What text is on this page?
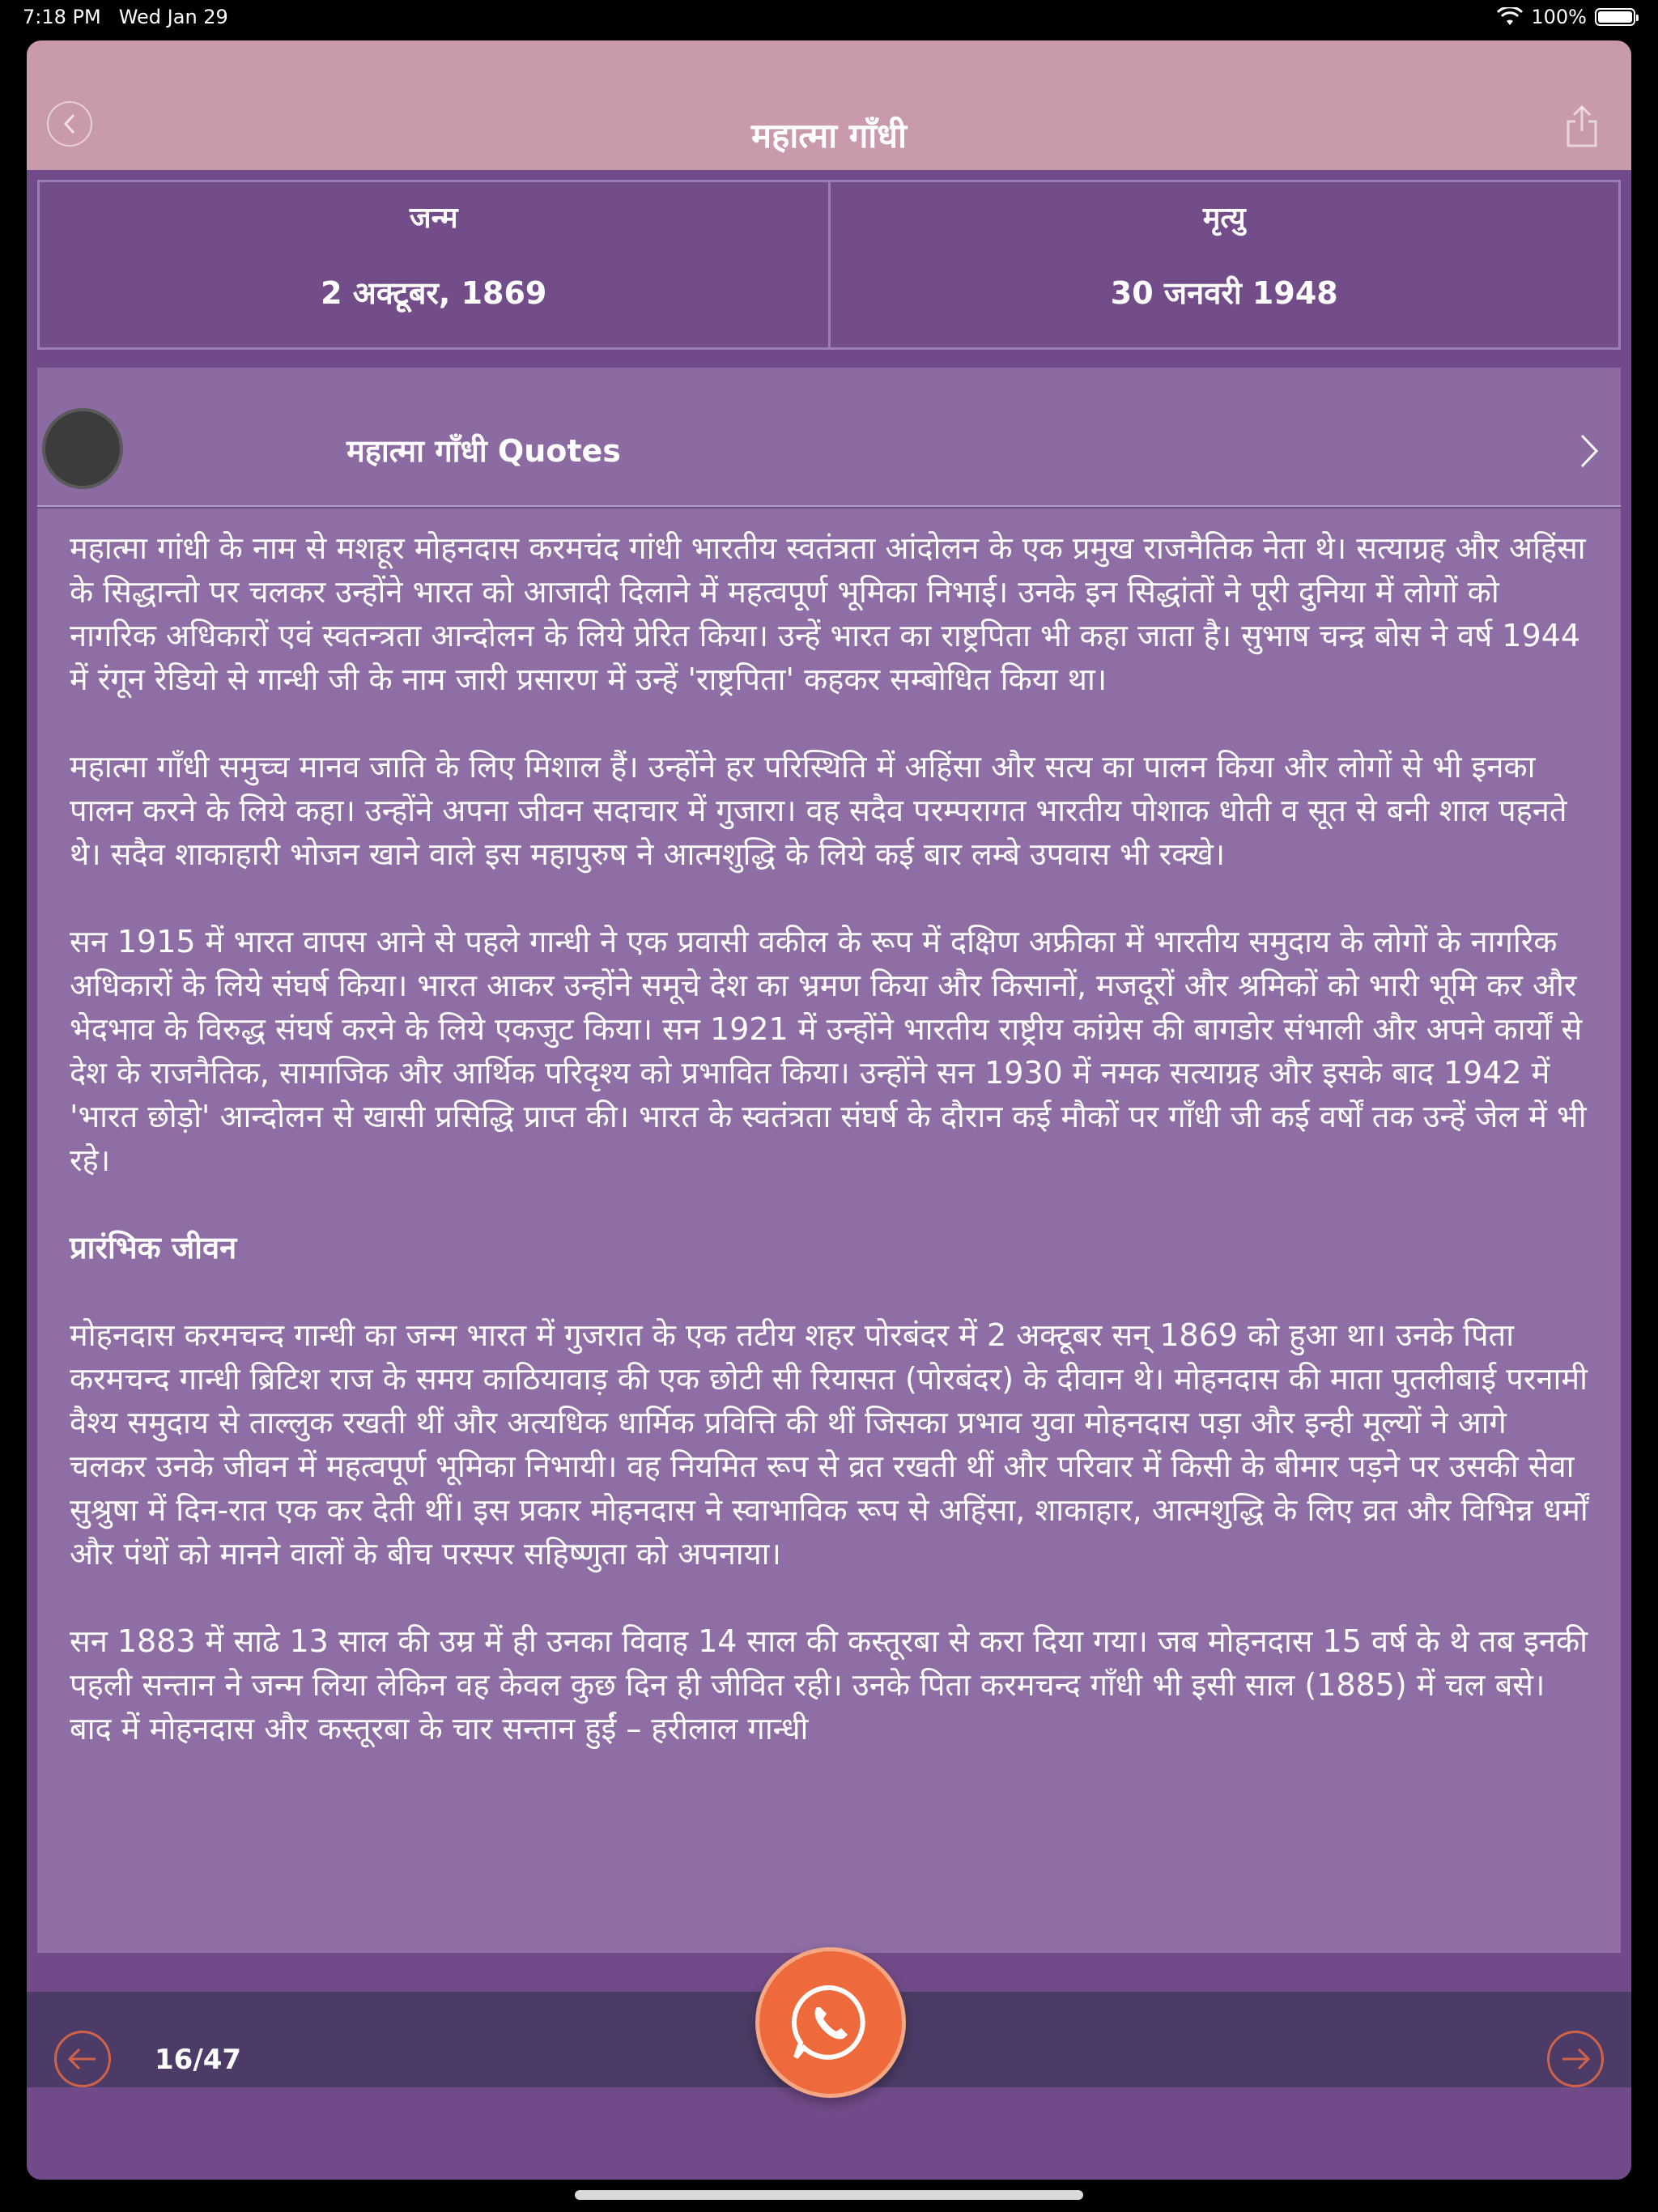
7:18 PM Wed Jan 29	100%
महात्मा गाँधी
जन्म
2 अक्टूबर, 1869
मृत्यु
30 जनवरी 1948
महात्मा गाँधी Quotes

महात्मा गांधी के नाम से मशहूर मोहनदास करमचंद गांधी भारतीय स्वतंत्रता आंदोलन के एक प्रमुख राजनैतिक नेता थे। सत्याग्रह और अहिंसा के सिद्धान्तो पर चलकर उन्होंने भारत को आजादी दिलाने में महत्वपूर्ण भूमिका निभाई। उनके इन सिद्धांतों ने पूरी दुनिया में लोगों को नागरिक अधिकारों एवं स्वतन्त्रता आन्दोलन के लिये प्रेरित किया। उन्हें भारत का राष्ट्रपिता भी कहा जाता है। सुभाष चन्द्र बोस ने वर्ष 1944 में रंगून रेडियो से गान्धी जी के नाम जारी प्रसारण में उन्हें 'राष्ट्रपिता' कहकर सम्बोधित किया था।

महात्मा गाँधी समुच्च मानव जाति के लिए मिशाल हैं। उन्होंने हर परिस्थिति में अहिंसा और सत्य का पालन किया और लोगों से भी इनका पालन करने के लिये कहा। उन्होंने अपना जीवन सदाचार में गुजारा। वह सदैव परम्परागत भारतीय पोशाक धोती व सूत से बनी शाल पहनते थे। सदैव शाकाहारी भोजन खाने वाले इस महापुरुष ने आत्मशुद्धि के लिये कई बार लम्बे उपवास भी रक्खे।

सन 1915 में भारत वापस आने से पहले गान्धी ने एक प्रवासी वकील के रूप में दक्षिण अफ्रीका में भारतीय समुदाय के लोगों के नागरिक अधिकारों के लिये संघर्ष किया। भारत आकर उन्होंने समूचे देश का भ्रमण किया और किसानों, मजदूरों और श्रमिकों को भारी भूमि कर और भेदभाव के विरुद्ध संघर्ष करने के लिये एकजुट किया। सन 1921 में उन्होंने भारतीय राष्ट्रीय कांग्रेस की बागडोर संभाली और अपने कार्यों से देश के राजनैतिक, सामाजिक और आर्थिक परिदृश्य को प्रभावित किया। उन्होंने सन 1930 में नमक सत्याग्रह और इसके बाद 1942 में 'भारत छोड़ो' आन्दोलन से खासी प्रसिद्धि प्राप्त की। भारत के स्वतंत्रता संघर्ष के दौरान कई मौकों पर गाँधी जी कई वर्षों तक उन्हें जेल में भी रहे।

प्रारंभिक जीवन

मोहनदास करमचन्द गान्धी का जन्म भारत में गुजरात के एक तटीय शहर पोरबंदर में 2 अक्टूबर सन् 1869 को हुआ था। उनके पिता करमचन्द गान्धी ब्रिटिश राज के समय काठियावाड़ की एक छोटी सी रियासत (पोरबंदर) के दीवान थे। मोहनदास की माता पुतलीबाई परनामी वैश्य समुदाय से ताल्लुक रखती थीं और अत्यधिक धार्मिक प्रवित्ति की थीं जिसका प्रभाव युवा मोहनदास पड़ा और इन्ही मूल्यों ने आगे चलकर उनके जीवन में महत्वपूर्ण भूमिका निभायी। वह नियमित रूप से व्रत रखती थीं और परिवार में किसी के बीमार पड़ने पर उसकी सेवा सुश्रुषा में दिन-रात एक कर देती थीं। इस प्रकार मोहनदास ने स्वाभाविक रूप से अहिंसा, शाकाहार, आत्मशुद्धि के लिए व्रत और विभिन्न धर्मों और पंथों को मानने वालों के बीच परस्पर सहिष्णुता को अपनाया।

सन 1883 में साढे 13 साल की उम्र में ही उनका विवाह 14 साल की कस्तूरबा से करा दिया गया। जब मोहनदास 15 वर्ष के थे तब इनकी पहली सन्तान ने जन्म लिया लेकिन वह केवल कुछ दिन ही जीवित रही। उनके पिता करमचन्द गाँधी भी इसी साल (1885) में चल बसे। बाद में मोहनदास और कस्तूरबा के चार सन्तान हुईं – हरीलाल गान्धी

16/47
